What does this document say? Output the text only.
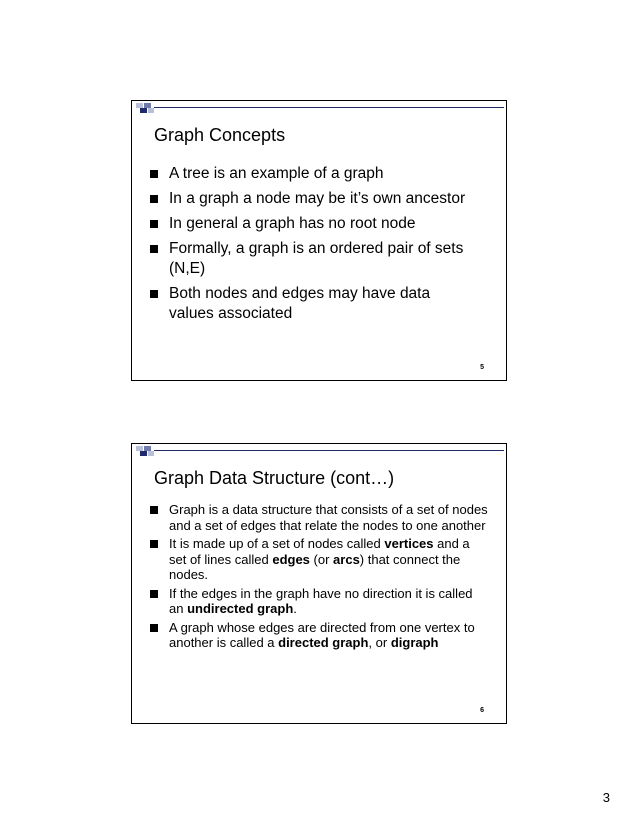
Graph Concepts
A tree is an example of a graph
In a graph a node may be it’s own ancestor
In general a graph has no root node
Formally, a graph is an ordered pair of sets (N,E)
Both nodes and edges may have data values associated
5
Graph Data Structure (cont…)
Graph is a data structure that consists of a set of nodes and a set of edges that relate the nodes to one another
It is made up of a set of nodes called vertices and a set of lines called edges (or arcs) that connect the nodes.
If the edges in the graph have no direction it is called an undirected graph.
A graph whose edges are directed from one vertex to another is called a directed graph, or digraph
6
3
